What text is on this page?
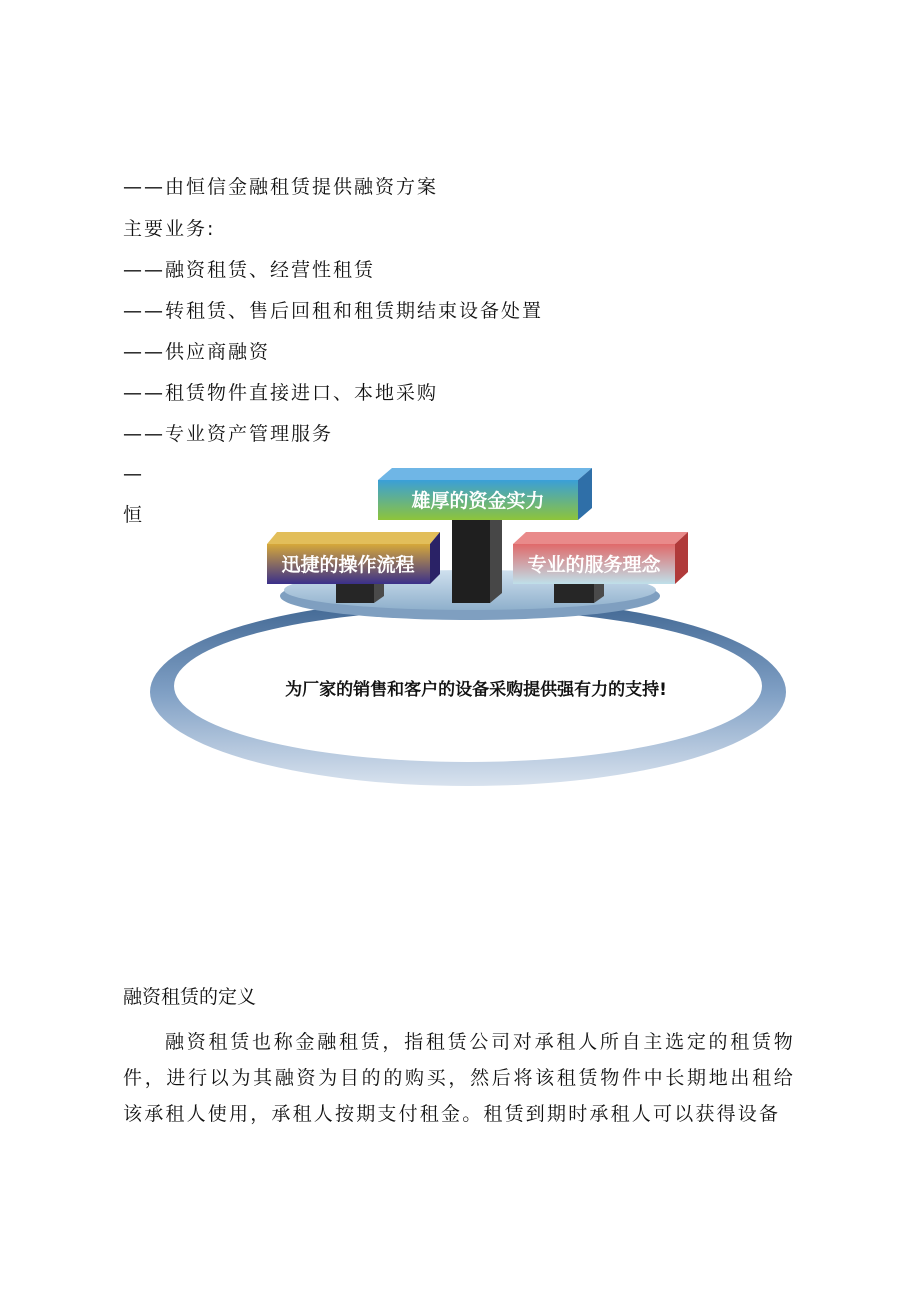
——由恒信金融租赁提供融资方案
主要业务:
——融资租赁、经营性租赁
——转租赁、售后回租和租赁期结束设备处置
——供应商融资
——租赁物件直接进口、本地采购
——专业资产管理服务
—
恒
雄厚的资金实力
迅捷的操作流程	专业的服务理念
为厂家的销售和客户的设备采购提供强有力的支持!
融资租赁的定义
融资租赁也称金融租赁，指租赁公司对承租人所自主选定的租赁物件，进行以为其融资为目的的购买，然后将该租赁物件中长期地出租给该承租人使用，承租人按期支付租金。租赁到期时承租人可以获得设备
